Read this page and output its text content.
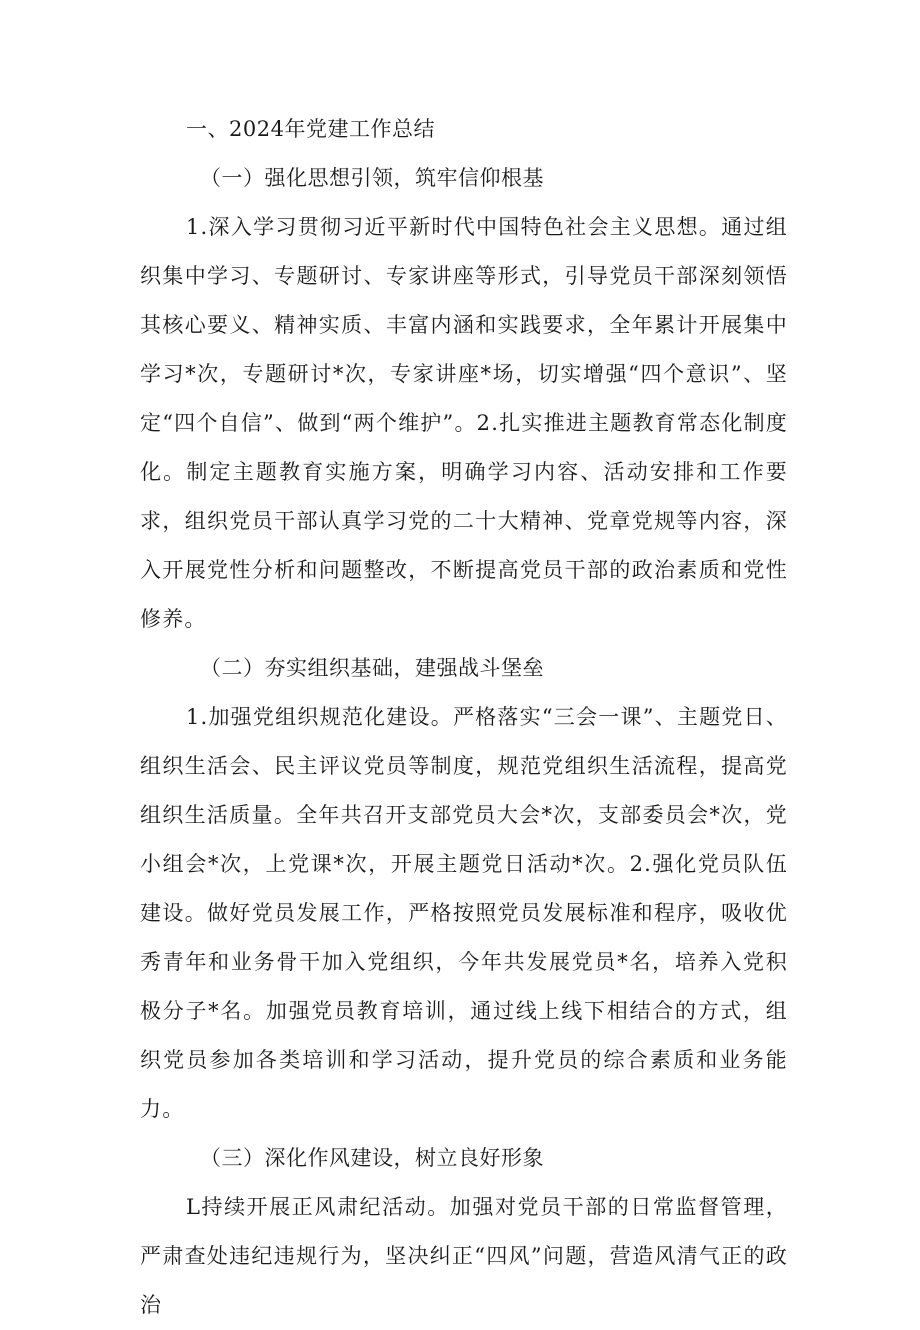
一、2024年党建工作总结

（一）强化思想引领，筑牢信仰根基

1.深入学习贯彻习近平新时代中国特色社会主义思想。通过组织集中学习、专题研讨、专家讲座等形式，引导党员干部深刻领悟其核心要义、精神实质、丰富内涵和实践要求，全年累计开展集中学习*次，专题研讨*次，专家讲座*场，切实增强“四个意识”、坚定“四个自信”、做到“两个维护”。2.扎实推进主题教育常态化制度化。制定主题教育实施方案，明确学习内容、活动安排和工作要求，组织党员干部认真学习党的二十大精神、党章党规等内容，深入开展党性分析和问题整改，不断提高党员干部的政治素质和党性修养。

（二）夯实组织基础，建强战斗堡垒

1.加强党组织规范化建设。严格落实“三会一课”、主题党日、组织生活会、民主评议党员等制度，规范党组织生活流程，提高党组织生活质量。全年共召开支部党员大会*次，支部委员会*次，党小组会*次，上党课*次，开展主题党日活动*次。2.强化党员队伍建设。做好党员发展工作，严格按照党员发展标准和程序，吸收优秀青年和业务骨干加入党组织，今年共发展党员*名，培养入党积极分子*名。加强党员教育培训，通过线上线下相结合的方式，组织党员参加各类培训和学习活动，提升党员的综合素质和业务能力。

（三）深化作风建设，树立良好形象

L持续开展正风肃纪活动。加强对党员干部的日常监督管理，严肃查处违纪违规行为，坚决纠正“四风”问题，营造风清气正的政治
